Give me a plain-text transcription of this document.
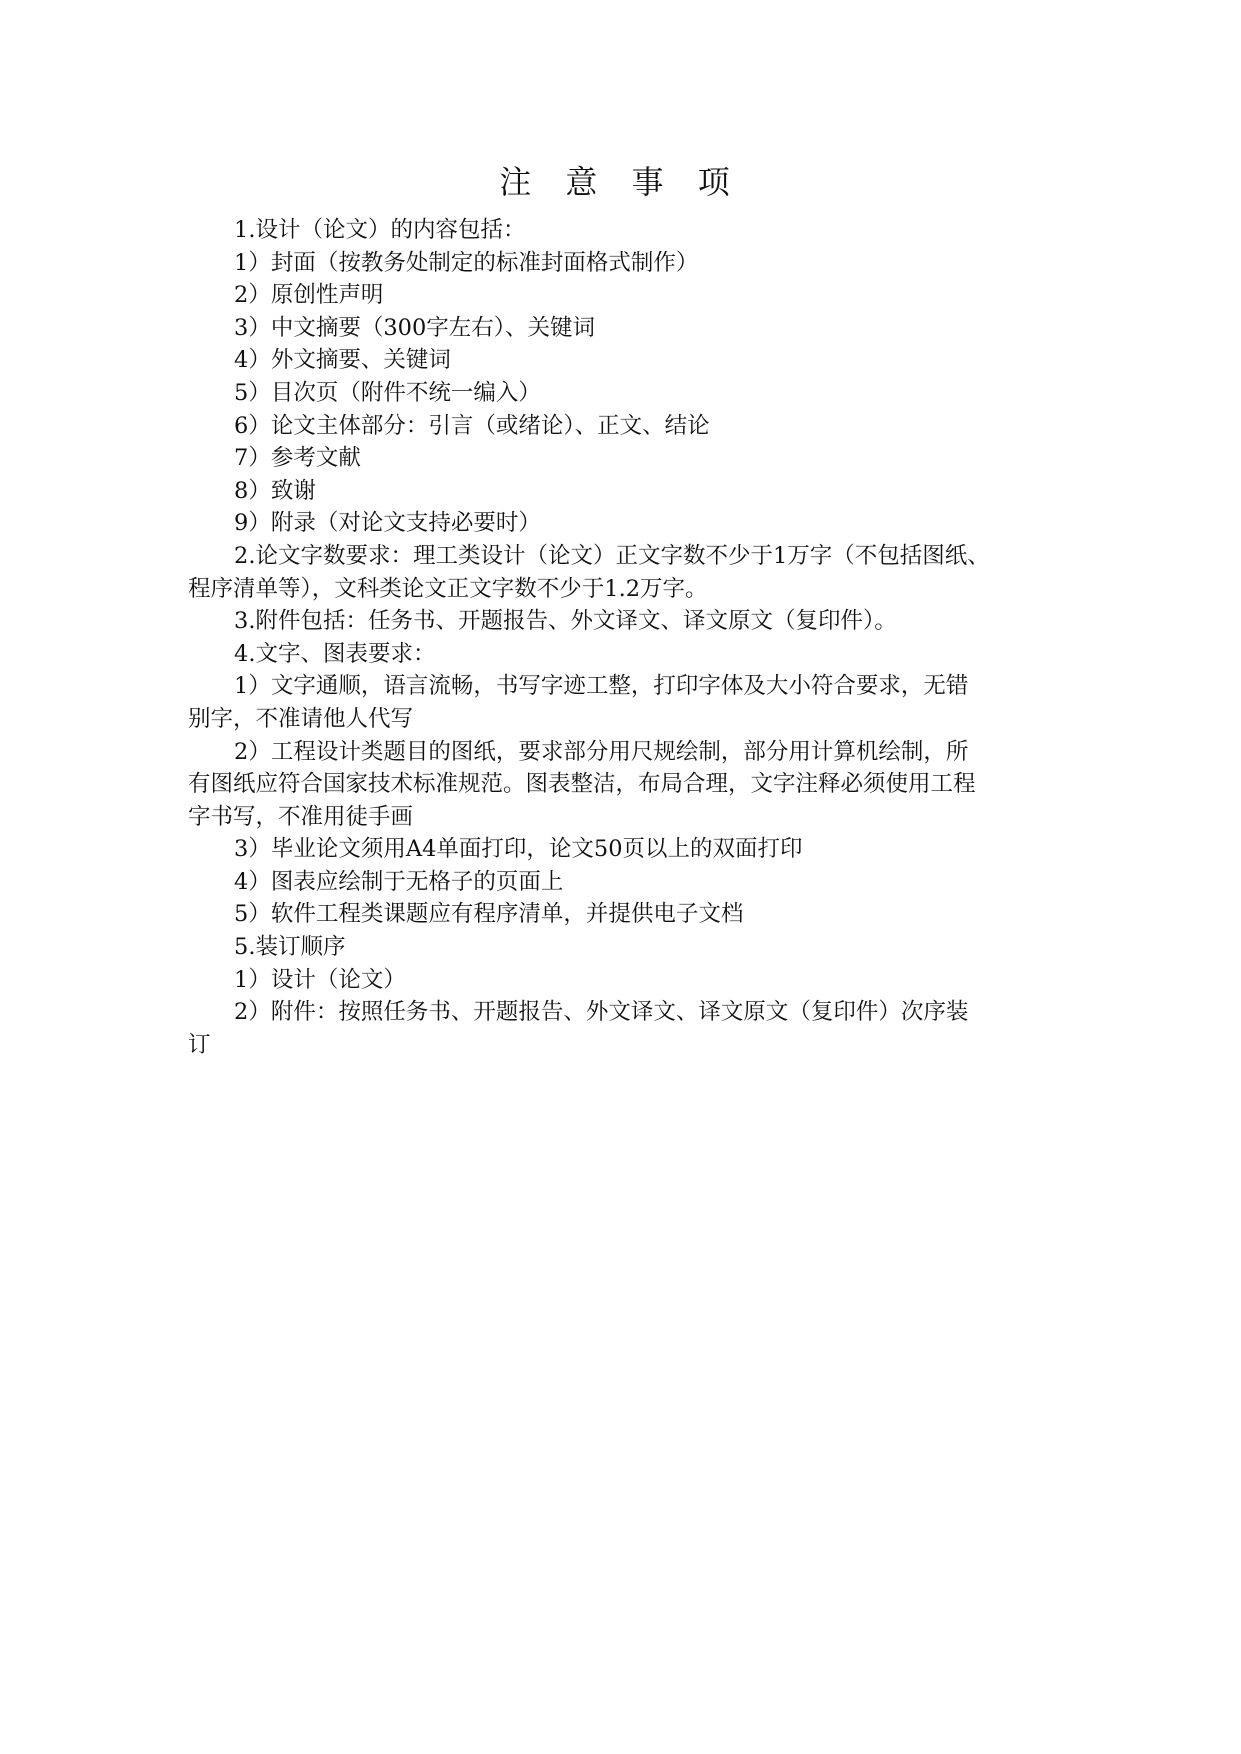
注 意 事 项
1.设计（论文）的内容包括：
1）封面（按教务处制定的标准封面格式制作）
2）原创性声明
3）中文摘要（300字左右）、关键词
4）外文摘要、关键词
5）目次页（附件不统一编入）
6）论文主体部分：引言（或绪论）、正文、结论
7）参考文献
8）致谢
9）附录（对论文支持必要时）
2.论文字数要求：理工类设计（论文）正文字数不少于1万字（不包括图纸、
程序清单等），文科类论文正文字数不少于1.2万字。
3.附件包括：任务书、开题报告、外文译文、译文原文（复印件）。
4.文字、图表要求：
1）文字通顺，语言流畅，书写字迹工整，打印字体及大小符合要求，无错
别字，不准请他人代写
2）工程设计类题目的图纸，要求部分用尺规绘制，部分用计算机绘制，所
有图纸应符合国家技术标准规范。图表整洁，布局合理，文字注释必须使用工程
字书写，不准用徒手画
3）毕业论文须用A4单面打印，论文50页以上的双面打印
4）图表应绘制于无格子的页面上
5）软件工程类课题应有程序清单，并提供电子文档
5.装订顺序
1）设计（论文）
2）附件：按照任务书、开题报告、外文译文、译文原文（复印件）次序装
订
